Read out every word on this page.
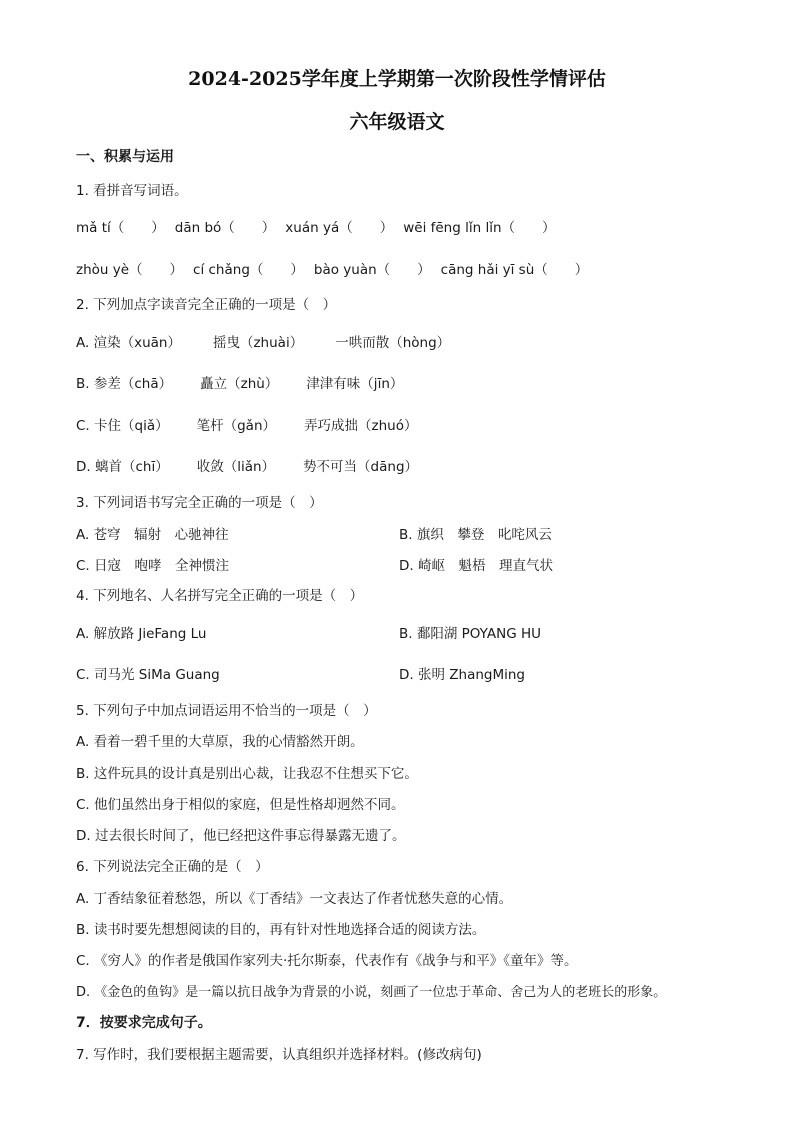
2024-2025学年度上学期第一次阶段性学情评估
六年级语文
一、积累与运用
1. 看拼音写词语。
mǎ tí（　　） dān bó（　　） xuán yá（　　） wēi fēng lǐn lǐn（　　）
zhòu yè（　　） cí chǎng（　　） bào yuàn（　　） cāng hǎi yī sù（　　）
2. 下列加点字读音完全正确的一项是（　）
A. 渲染（xuān） 摇曳（zhuài） 一哄而散（hòng）
B. 参差（chā） 矗立（zhù） 津津有味（jīn）
C. 卡住（qiǎ） 笔杆（gǎn） 弄巧成拙（zhuó）
D. 螭首（chī） 收敛（liǎn） 势不可当（dāng）
3. 下列词语书写完全正确的一项是（　）
A. 苍穹　辐射　心驰神往	B. 旗织　攀登　叱咤风云
C. 日寇　咆哮　全神惯注	D. 崎岖　魁梧　理直气状
4. 下列地名、人名拼写完全正确的一项是（　）
A. 解放路 JieFang Lu	B. 鄱阳湖 POYANG HU
C. 司马光 SiMa Guang	D. 张明 ZhangMing
5. 下列句子中加点词语运用不恰当的一项是（　）
A. 看着一碧千里的大草原，我的心情豁然开朗。
B. 这件玩具的设计真是别出心裁，让我忍不住想买下它。
C. 他们虽然出身于相似的家庭，但是性格却迥然不同。
D. 过去很长时间了，他已经把这件事忘得暴露无遗了。
6. 下列说法完全正确的是（　）
A. 丁香结象征着愁怨，所以《丁香结》一文表达了作者忧愁失意的心情。
B. 读书时要先想想阅读的目的，再有针对性地选择合适的阅读方法。
C. 《穷人》的作者是俄国作家列夫·托尔斯泰，代表作有《战争与和平》《童年》等。
D. 《金色的鱼钩》是一篇以抗日战争为背景的小说，刻画了一位忠于革命、舍己为人的老班长的形象。
7．按要求完成句子。
7. 写作时，我们要根据主题需要，认真组织并选择材料。(修改病句)
